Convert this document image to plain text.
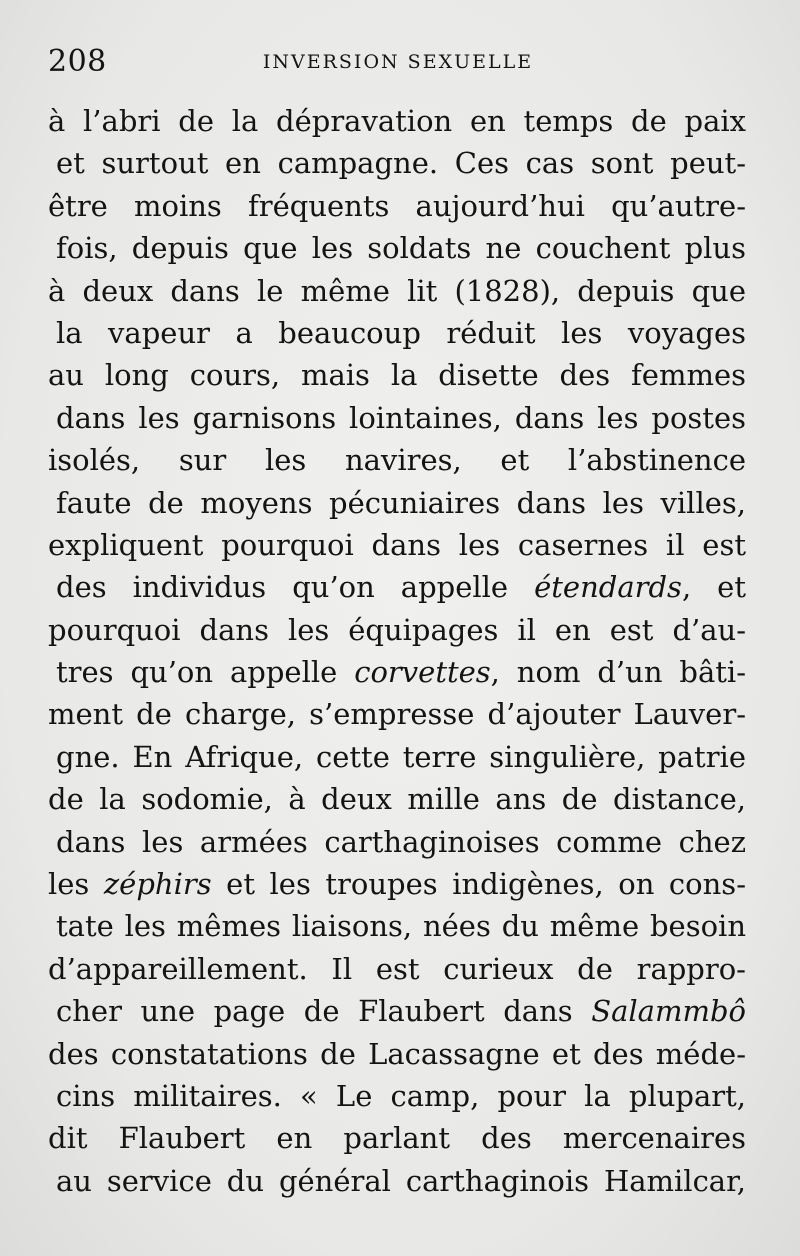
208	INVERSION SEXUELLE
à l’abri de la dépravation en temps de paix
et surtout en campagne. Ces cas sont peut-
être moins fréquents aujourd’hui qu’autre-
fois, depuis que les soldats ne couchent plus
à deux dans le même lit (1828), depuis que
la vapeur a beaucoup réduit les voyages
au long cours, mais la disette des femmes
dans les garnisons lointaines, dans les postes
isolés, sur les navires, et l’abstinence
faute de moyens pécuniaires dans les villes,
expliquent pourquoi dans les casernes il est
des individus qu’on appelle étendards, et
pourquoi dans les équipages il en est d’au-
tres qu’on appelle corvettes, nom d’un bâti-
ment de charge, s’empresse d’ajouter Lauver-
gne. En Afrique, cette terre singulière, patrie
de la sodomie, à deux mille ans de distance,
dans les armées carthaginoises comme chez
les zéphirs et les troupes indigènes, on cons-
tate les mêmes liaisons, nées du même besoin
d’appareillement. Il est curieux de rappro-
cher une page de Flaubert dans Salammbô
des constatations de Lacassagne et des méde-
cins militaires. « Le camp, pour la plupart,
dit Flaubert en parlant des mercenaires
au service du général carthaginois Hamilcar,
